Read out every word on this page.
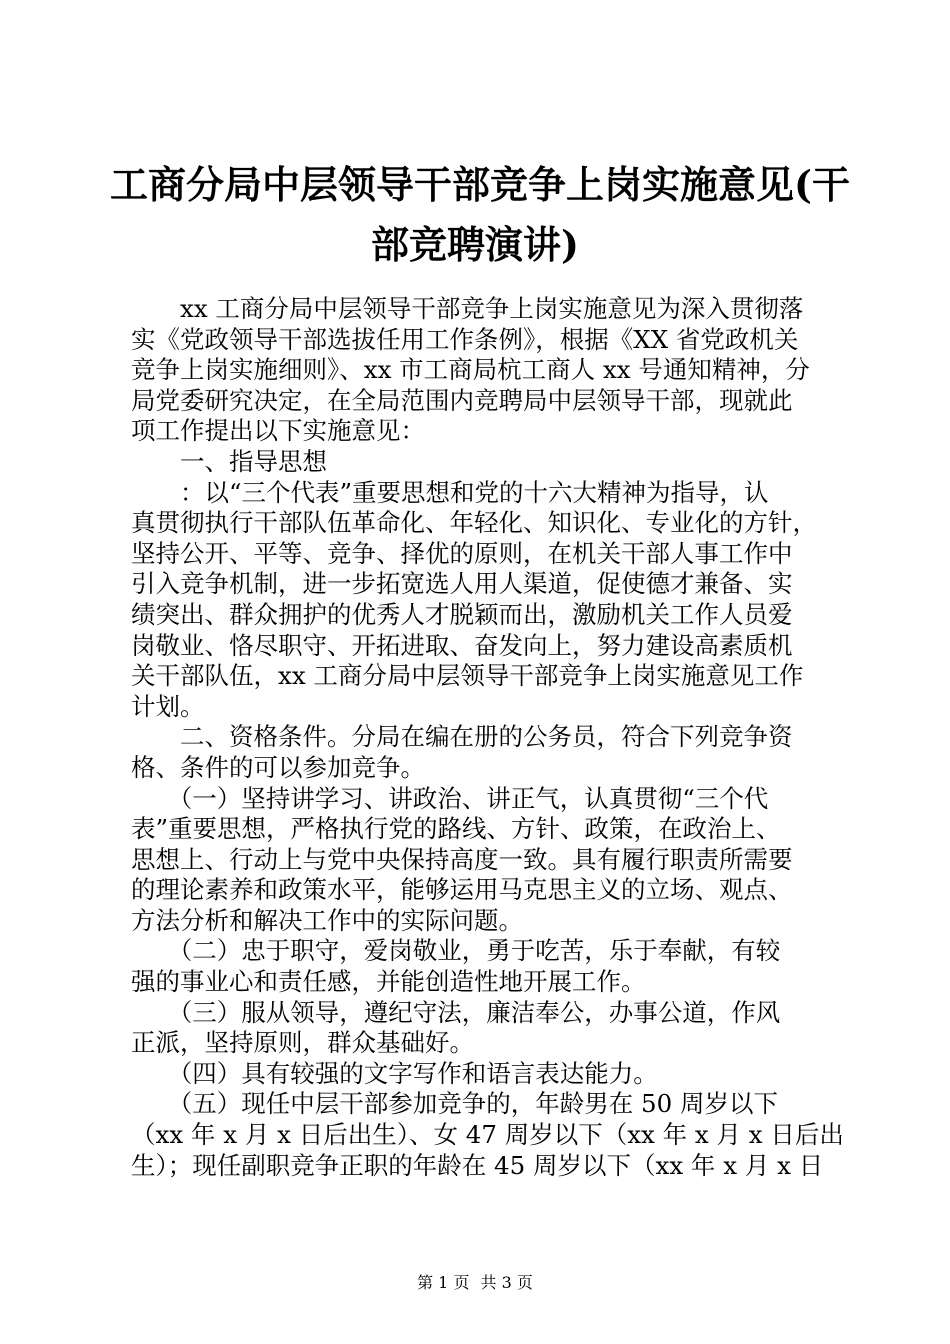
工商分局中层领导干部竞争上岗实施意见(干
部竞聘演讲)
　　xx 工商分局中层领导干部竞争上岗实施意见为深入贯彻落
实《党政领导干部选拔任用工作条例》，根据《XX 省党政机关
竞争上岗实施细则》、xx 市工商局杭工商人 xx 号通知精神，分
局党委研究决定，在全局范围内竞聘局中层领导干部，现就此
项工作提出以下实施意见：
　　一、指导思想
　　：以“三个代表”重要思想和党的十六大精神为指导，认
真贯彻执行干部队伍革命化、年轻化、知识化、专业化的方针，
坚持公开、平等、竞争、择优的原则，在机关干部人事工作中
引入竞争机制，进一步拓宽选人用人渠道，促使德才兼备、实
绩突出、群众拥护的优秀人才脱颖而出，激励机关工作人员爱
岗敬业、恪尽职守、开拓进取、奋发向上，努力建设高素质机
关干部队伍，xx 工商分局中层领导干部竞争上岗实施意见工作
计划。
　　二、资格条件。分局在编在册的公务员，符合下列竞争资
格、条件的可以参加竞争。
　　（一）坚持讲学习、讲政治、讲正气，认真贯彻“三个代
表”重要思想，严格执行党的路线、方针、政策，在政治上、
思想上、行动上与党中央保持高度一致。具有履行职责所需要
的理论素养和政策水平，能够运用马克思主义的立场、观点、
方法分析和解决工作中的实际问题。
　　（二）忠于职守，爱岗敬业，勇于吃苦，乐于奉献，有较
强的事业心和责任感，并能创造性地开展工作。
　　（三）服从领导，遵纪守法，廉洁奉公，办事公道，作风
正派，坚持原则，群众基础好。
　　（四）具有较强的文字写作和语言表达能力。
　　（五）现任中层干部参加竞争的，年龄男在 50 周岁以下
（xx 年 x 月 x 日后出生）、女 47 周岁以下（xx 年 x 月 x 日后出
生）；现任副职竞争正职的年龄在 45 周岁以下（xx 年 x 月 x 日
第 1 页 共 3 页
